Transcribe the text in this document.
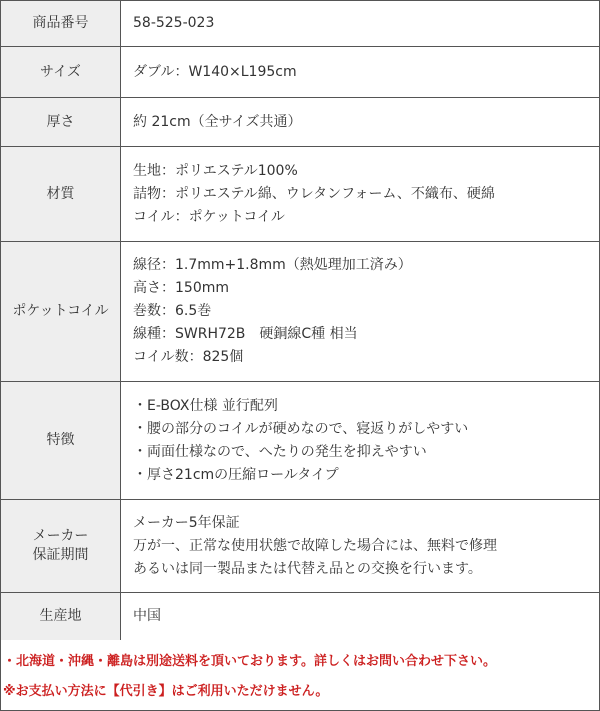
商品番号	58-525-023

サイズ	ダブル：W140×L195cm

厚さ	約 21cm（全サイズ共通）

材質	生地：ポリエステル100%
詰物：ポリエステル綿、ウレタンフォーム、不織布、硬綿
コイル：ポケットコイル

ポケットコイル	線径：1.7mm+1.8mm（熱処理加工済み）
高さ：150mm
巻数：6.5巻
線種：SWRH72B　硬銅線C種 相当
コイル数：825個

特徴	・E-BOX仕様 並行配列
・腰の部分のコイルが硬めなので、寝返りがしやすい
・両面仕様なので、へたりの発生を抑えやすい
・厚さ21cmの圧縮ロールタイプ

メーカー
保証期間	メーカー5年保証
万が一、正常な使用状態で故障した場合には、無料で修理
あるいは同一製品または代替え品との交換を行います。

生産地	中国
・北海道・沖縄・離島は別途送料を頂いております。詳しくはお問い合わせ下さい。
※お支払い方法に【代引き】はご利用いただけません。
